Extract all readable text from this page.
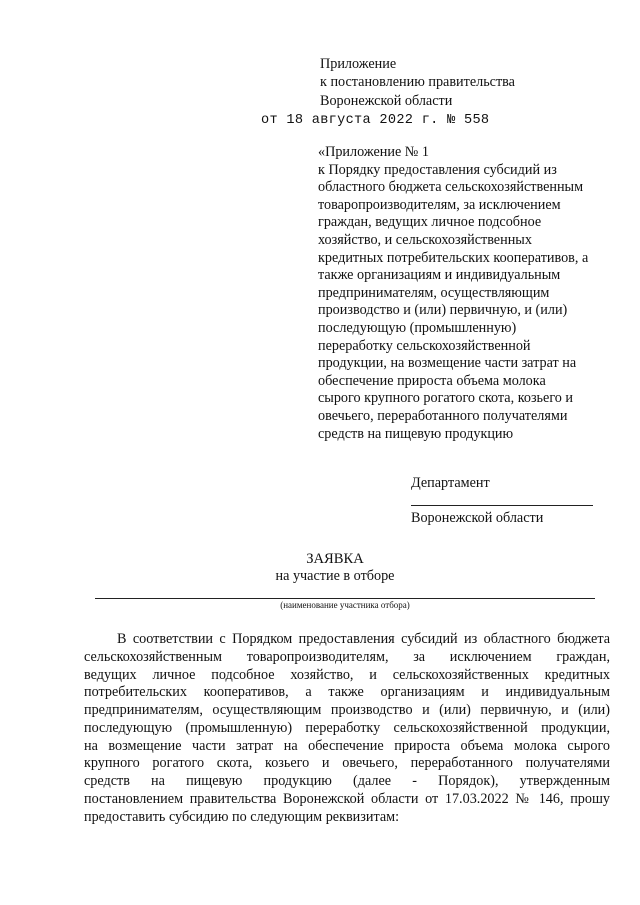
Приложение
к постановлению правительства
Воронежской области
от 18 августа 2022 г. № 558
«Приложение № 1
к Порядку предоставления субсидий из
областного бюджета сельскохозяйственным
товаропроизводителям, за исключением
граждан, ведущих личное подсобное
хозяйство, и сельскохозяйственных
кредитных потребительских кооперативов, а
также организациям и индивидуальным
предпринимателям, осуществляющим
производство и (или) первичную, и (или)
последующую (промышленную)
переработку сельскохозяйственной
продукции, на возмещение части затрат на
обеспечение прироста объема молока
сырого крупного рогатого скота, козьего и
овечьего, переработанного получателями
средств на пищевую продукцию
Департамент
Воронежской области
ЗАЯВКА
на участие в отборе
(наименование участника отбора)
В соответствии с Порядком предоставления субсидий из областного бюджета
сельскохозяйственным товаропроизводителям, за исключением граждан,
ведущих личное подсобное хозяйство, и сельскохозяйственных кредитных
потребительских кооперативов, а также организациям и индивидуальным
предпринимателям, осуществляющим производство и (или) первичную, и (или)
последующую (промышленную) переработку сельскохозяйственной продукции,
на возмещение части затрат на обеспечение прироста объема молока сырого
крупного рогатого скота, козьего и овечьего, переработанного получателями
средств на пищевую продукцию (далее - Порядок), утвержденным
постановлением правительства Воронежской области от 17.03.2022 № 146, прошу
предоставить субсидию по следующим реквизитам:
